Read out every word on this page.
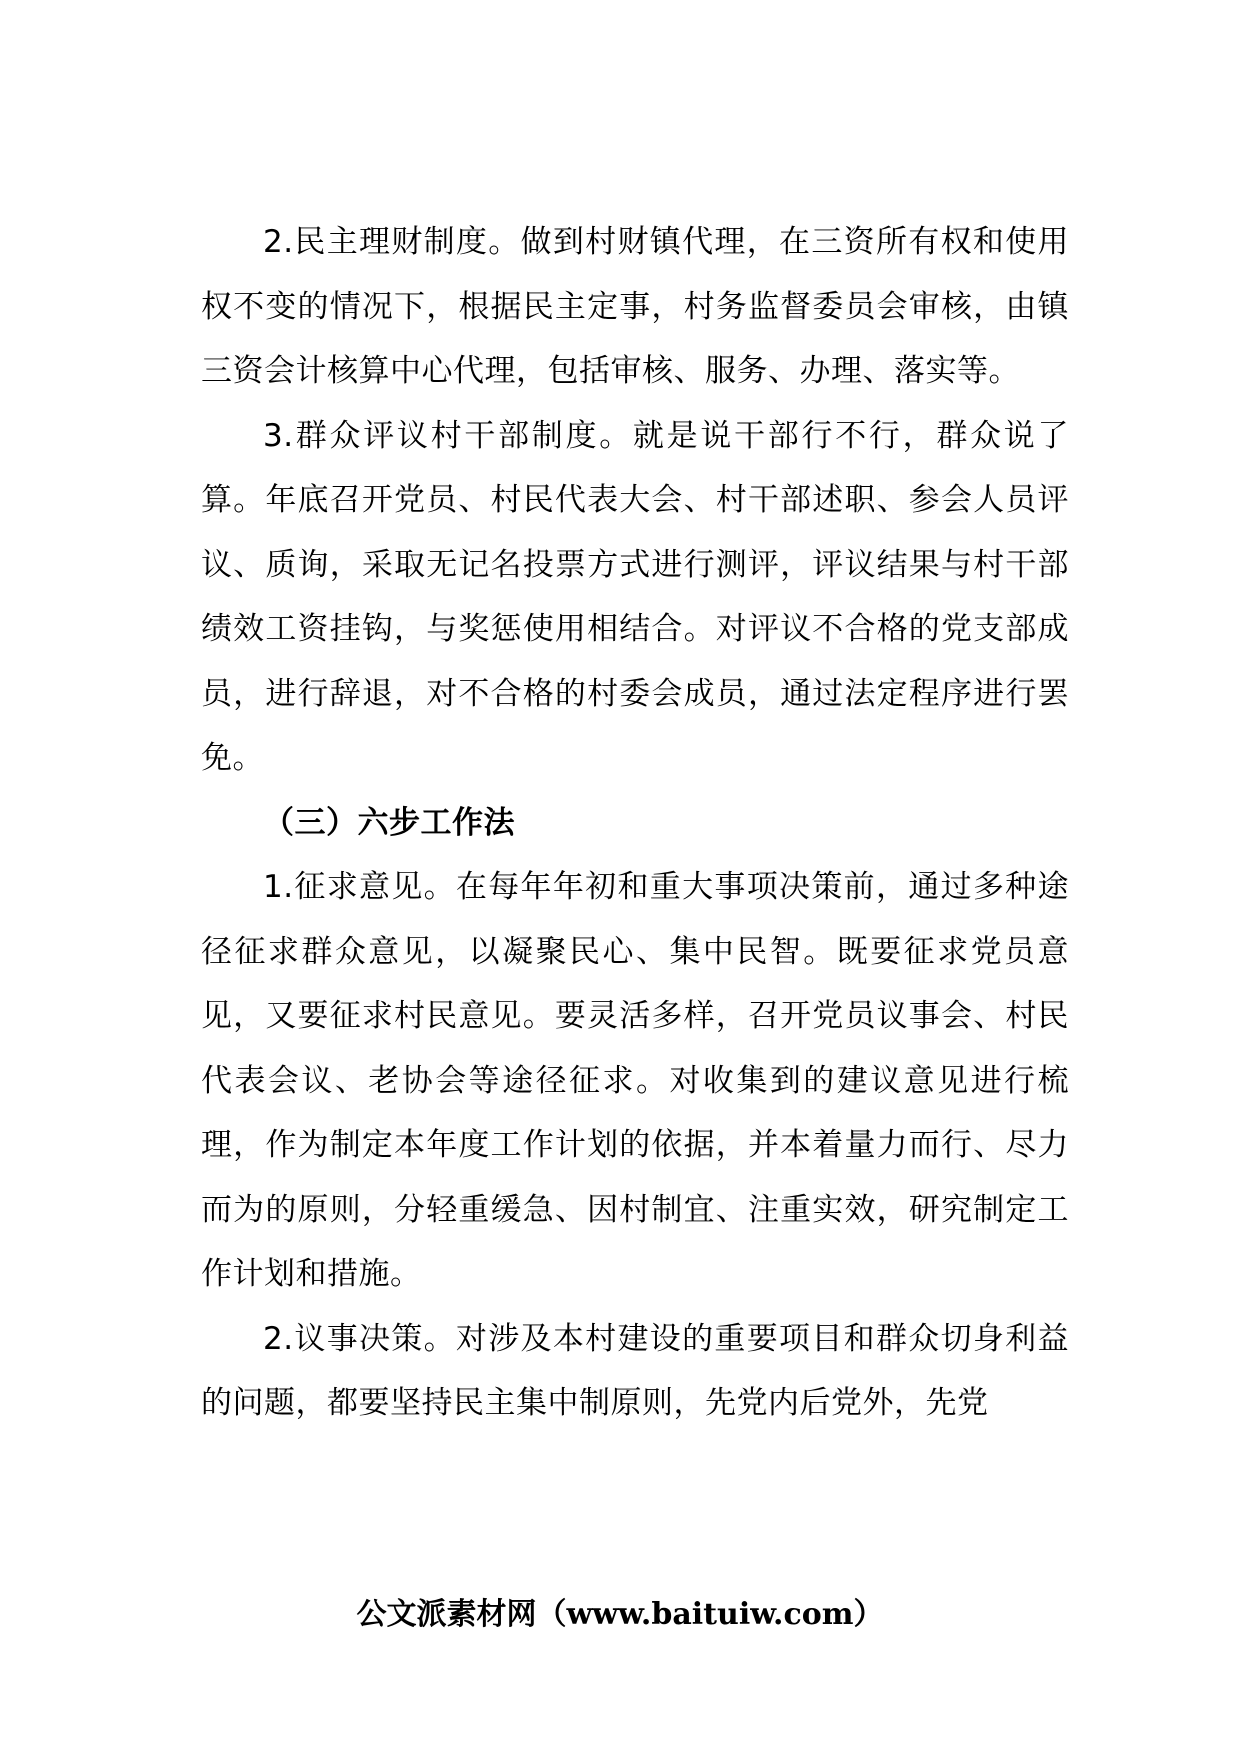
2.民主理财制度。做到村财镇代理，在三资所有权和使用权不变的情况下，根据民主定事，村务监督委员会审核，由镇三资会计核算中心代理，包括审核、服务、办理、落实等。

3.群众评议村干部制度。就是说干部行不行，群众说了算。年底召开党员、村民代表大会、村干部述职、参会人员评议、质询，采取无记名投票方式进行测评，评议结果与村干部绩效工资挂钩，与奖惩使用相结合。对评议不合格的党支部成员，进行辞退，对不合格的村委会成员，通过法定程序进行罢免。

（三）六步工作法

1.征求意见。在每年年初和重大事项决策前，通过多种途径征求群众意见，以凝聚民心、集中民智。既要征求党员意见，又要征求村民意见。要灵活多样，召开党员议事会、村民代表会议、老协会等途径征求。对收集到的建议意见进行梳理，作为制定本年度工作计划的依据，并本着量力而行、尽力而为的原则，分轻重缓急、因村制宜、注重实效，研究制定工作计划和措施。

2.议事决策。对涉及本村建设的重要项目和群众切身利益的问题，都要坚持民主集中制原则，先党内后党外，先党

公文派素材网（www.baituiw.com）
